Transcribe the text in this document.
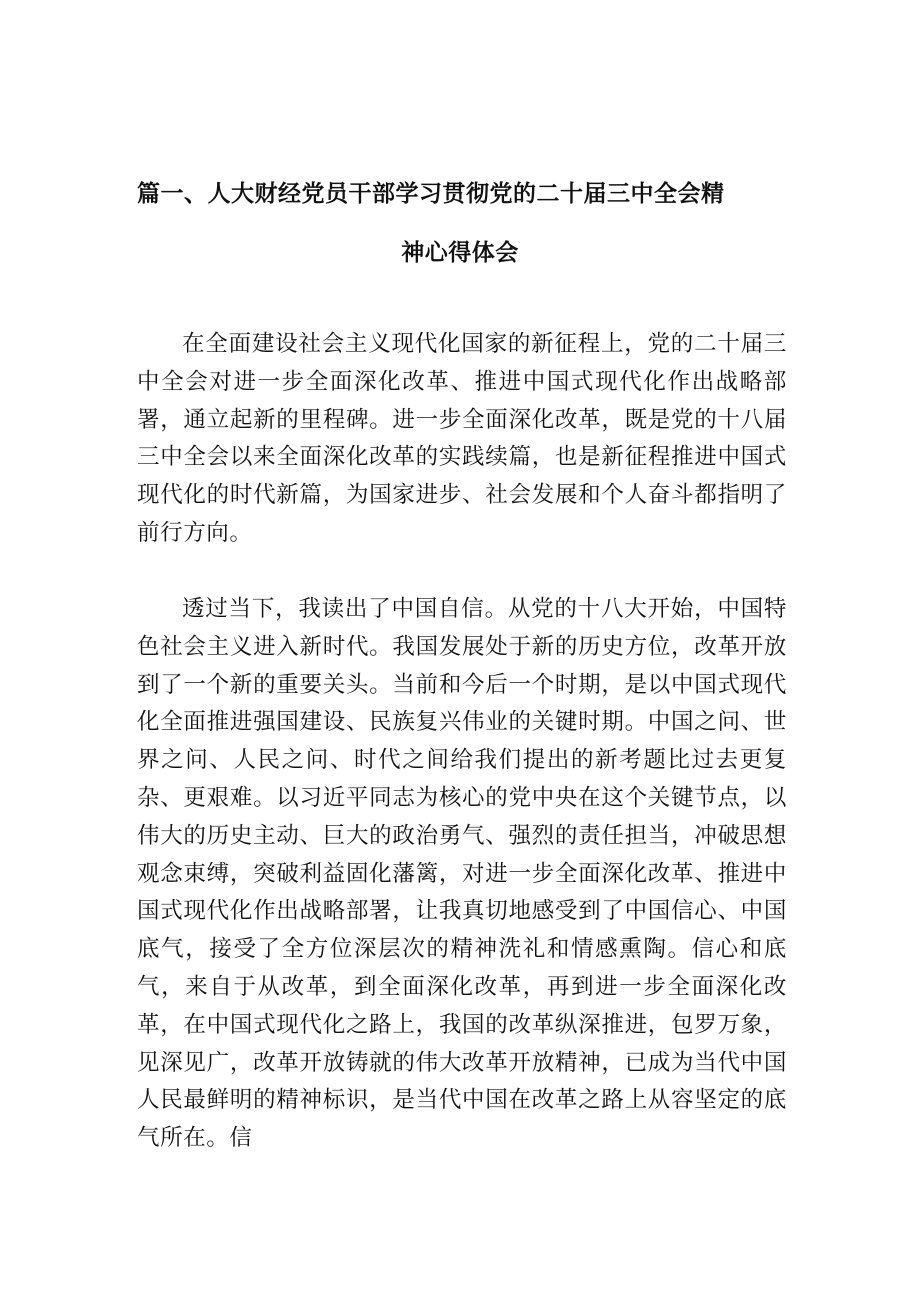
篇一、人大财经党员干部学习贯彻党的二十届三中全会精
神心得体会

在全面建设社会主义现代化国家的新征程上，党的二十届三中全会对进一步全面深化改革、推进中国式现代化作出战略部署，通立起新的里程碑。进一步全面深化改革，既是党的十八届三中全会以来全面深化改革的实践续篇，也是新征程推进中国式现代化的时代新篇，为国家进步、社会发展和个人奋斗都指明了前行方向。

透过当下，我读出了中国自信。从党的十八大开始，中国特色社会主义进入新时代。我国发展处于新的历史方位，改革开放到了一个新的重要关头。当前和今后一个时期，是以中国式现代化全面推进强国建设、民族复兴伟业的关键时期。中国之问、世界之问、人民之问、时代之间给我们提出的新考题比过去更复杂、更艰难。以习近平同志为核心的党中央在这个关键节点，以伟大的历史主动、巨大的政治勇气、强烈的责任担当，冲破思想观念束缚，突破利益固化藩篱，对进一步全面深化改革、推进中国式现代化作出战略部署，让我真切地感受到了中国信心、中国底气，接受了全方位深层次的精神洗礼和情感熏陶。信心和底气，来自于从改革，到全面深化改革，再到进一步全面深化改革，在中国式现代化之路上，我国的改革纵深推进，包罗万象，见深见广，改革开放铸就的伟大改革开放精神，已成为当代中国人民最鲜明的精神标识，是当代中国在改革之路上从容坚定的底气所在。信
